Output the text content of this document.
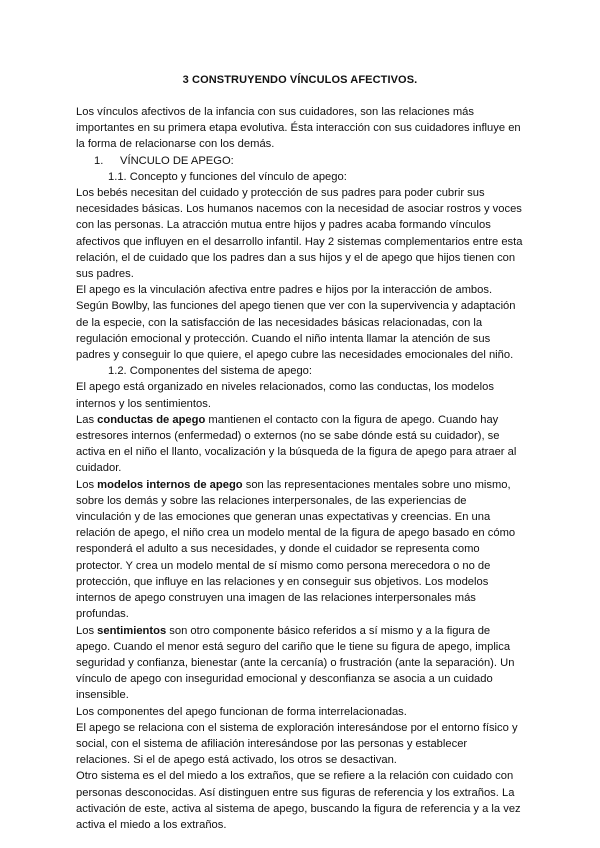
3 CONSTRUYENDO VÍNCULOS AFECTIVOS.

Los vínculos afectivos de la infancia con sus cuidadores, son las relaciones más importantes en su primera etapa evolutiva. Ésta interacción con sus cuidadores influye en la forma de relacionarse con los demás.

1. VÍNCULO DE APEGO:

1.1. Concepto y funciones del vínculo de apego:

Los bebés necesitan del cuidado y protección de sus padres para poder cubrir sus necesidades básicas. Los humanos nacemos con la necesidad de asociar rostros y voces con las personas. La atracción mutua entre hijos y padres acaba formando vínculos afectivos que influyen en el desarrollo infantil. Hay 2 sistemas complementarios entre esta relación, el de cuidado que los padres dan a sus hijos y el de apego que hijos tienen con sus padres.

El apego es la vinculación afectiva entre padres e hijos por la interacción de ambos. Según Bowlby, las funciones del apego tienen que ver con la supervivencia y adaptación de la especie, con la satisfacción de las necesidades básicas relacionadas, con la regulación emocional y protección. Cuando el niño intenta llamar la atención de sus padres y conseguir lo que quiere, el apego cubre las necesidades emocionales del niño.

1.2. Componentes del sistema de apego:

El apego está organizado en niveles relacionados, como las conductas, los modelos internos y los sentimientos.

Las conductas de apego mantienen el contacto con la figura de apego. Cuando hay estresores internos (enfermedad) o externos (no se sabe dónde está su cuidador), se activa en el niño el llanto, vocalización y la búsqueda de la figura de apego para atraer al cuidador.

Los modelos internos de apego son las representaciones mentales sobre uno mismo, sobre los demás y sobre las relaciones interpersonales, de las experiencias de vinculación y de las emociones que generan unas expectativas y creencias. En una relación de apego, el niño crea un modelo mental de la figura de apego basado en cómo responderá el adulto a sus necesidades, y donde el cuidador se representa como protector. Y crea un modelo mental de sí mismo como persona merecedora o no de protección, que influye en las relaciones y en conseguir sus objetivos. Los modelos internos de apego construyen una imagen de las relaciones interpersonales más profundas.

Los sentimientos son otro componente básico referidos a sí mismo y a la figura de apego. Cuando el menor está seguro del cariño que le tiene su figura de apego, implica seguridad y confianza, bienestar (ante la cercanía) o frustración (ante la separación). Un vínculo de apego con inseguridad emocional y desconfianza se asocia a un cuidado insensible.

Los componentes del apego funcionan de forma interrelacionadas.

El apego se relaciona con el sistema de exploración interesándose por el entorno físico y social, con el sistema de afiliación interesándose por las personas y establecer relaciones. Si el de apego está activado, los otros se desactivan.

Otro sistema es el del miedo a los extraños, que se refiere a la relación con cuidado con personas desconocidas. Así distinguen entre sus figuras de referencia y los extraños. La activación de este, activa al sistema de apego, buscando la figura de referencia y a la vez activa el miedo a los extraños.
